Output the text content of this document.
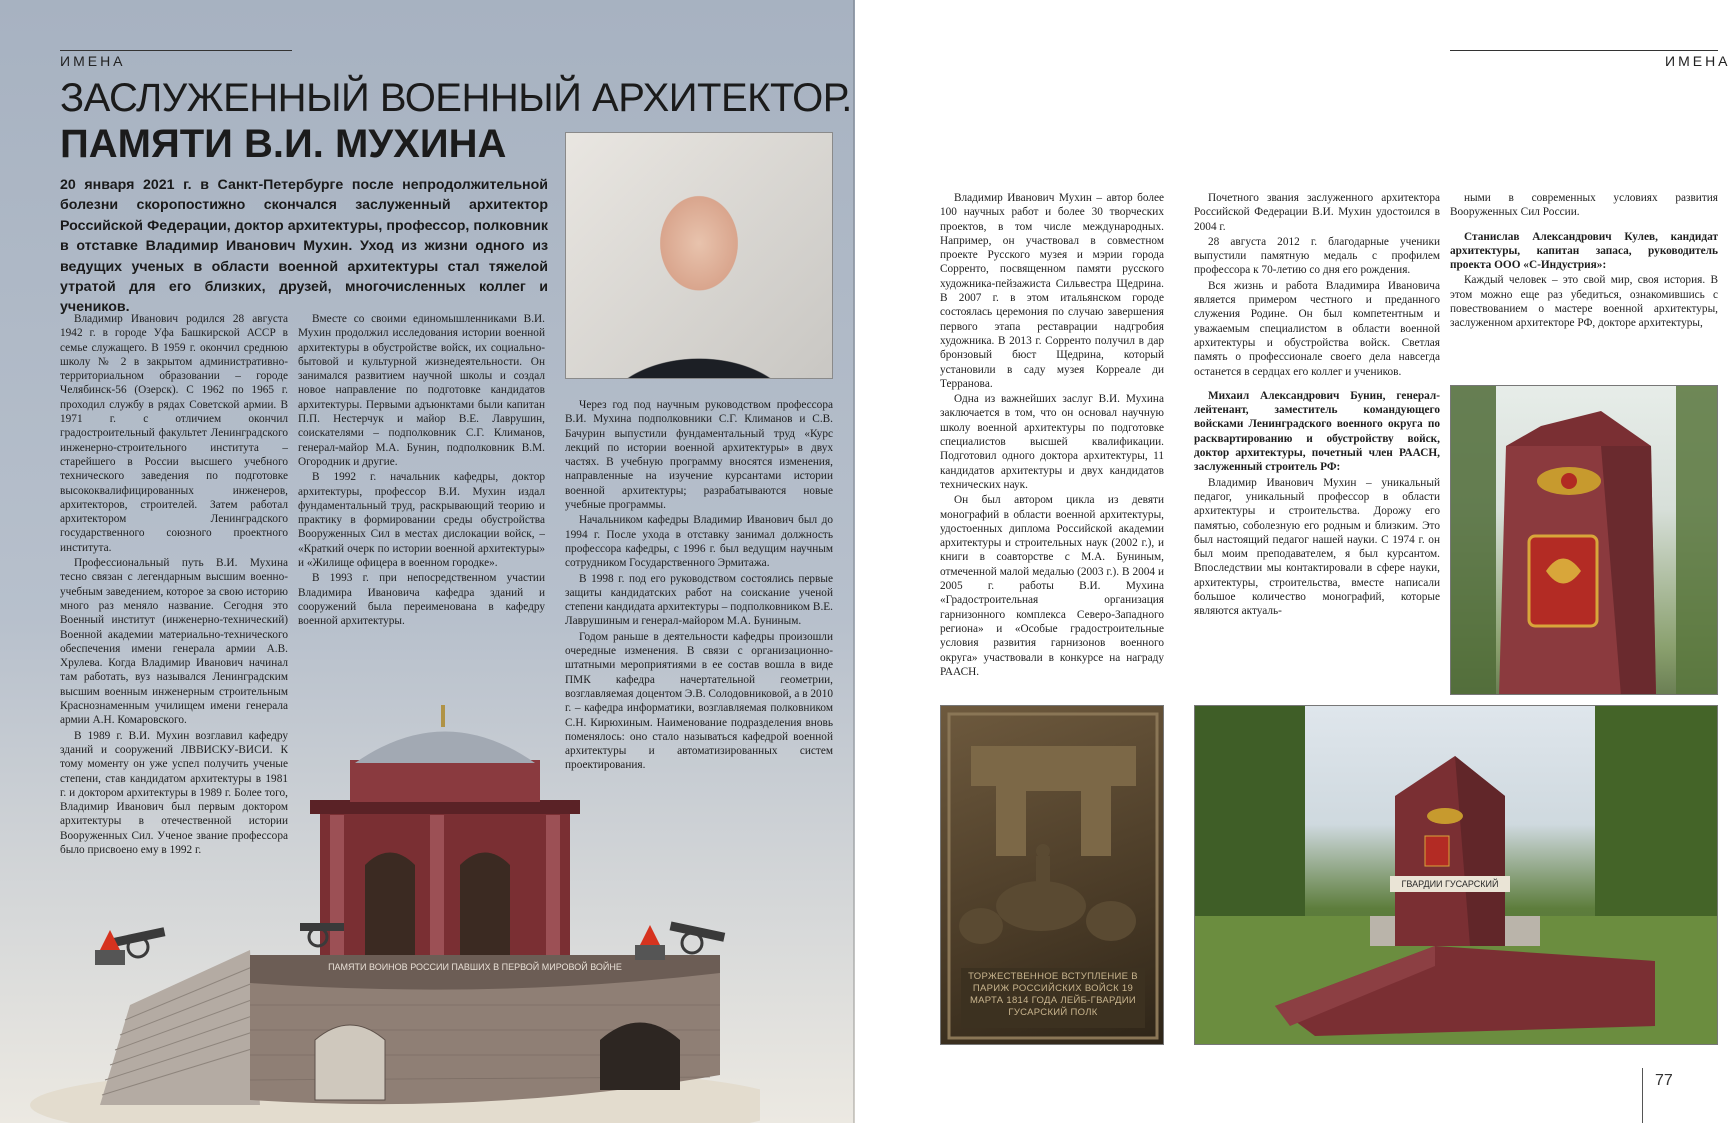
ИМЕНА
ЗАСЛУЖЕННЫЙ ВОЕННЫЙ АРХИТЕКТОР.
ПАМЯТИ В.И. МУХИНА

20 января 2021 г. в Санкт-Петербурге после непродолжительной болезни скоропостижно скончался заслуженный архитектор Российской Федерации, доктор архитектуры, профессор, полковник в отставке Владимир Иванович Мухин. Уход из жизни одного из ведущих ученых в области военной архитектуры стал тяжелой утратой для его близких, друзей, многочисленных коллег и учеников.

Владимир Иванович родился 28 августа 1942 г. в городе Уфа Башкирской АССР в семье служащего. В 1959 г. окончил среднюю школу № 2 в закрытом административно-территориальном образовании – городе Челябинск-56 (Озерск). С 1962 по 1965 г. проходил службу в рядах Советской армии. В 1971 г. с отличием окончил градостроительный факультет Ленинградского инженерно-строительного института – старейшего в России высшего учебного технического заведения по подготовке высококвалифицированных инженеров, архитекторов, строителей. Затем работал архитектором Ленинградского государственного союзного проектного института.

Профессиональный путь В.И. Мухина тесно связан с легендарным высшим военно-учебным заведением, которое за свою историю много раз меняло название. Сегодня это Военный институт (инженерно-технический) Военной академии материально-технического обеспечения имени генерала армии А.В. Хрулева. Когда Владимир Иванович начинал там работать, вуз назывался Ленинградским высшим военным инженерным строительным Краснознаменным училищем имени генерала армии А.Н. Комаровского.

В 1989 г. В.И. Мухин возглавил кафедру зданий и сооружений ЛВВИСКУ-ВИСИ. К тому моменту он уже успел получить ученые степени, став кандидатом архитектуры в 1981 г. и доктором архитектуры в 1989 г. Более того, Владимир Иванович был первым доктором архитектуры в отечественной истории Вооруженных Сил. Ученое звание профессора было присвоено ему в 1992 г.

Вместе со своими единомышленниками В.И. Мухин продолжил исследования истории военной архитектуры в обустройстве войск, их социально-бытовой и культурной жизнедеятельности. Он занимался развитием научной школы и создал новое направление по подготовке кандидатов архитектуры. Первыми адъюнктами были капитан П.П. Нестерчук и майор В.Е. Лаврушин, соискателями – подполковник С.Г. Климанов, генерал-майор М.А. Бунин, подполковник В.М. Огородник и другие.

В 1992 г. начальник кафедры, доктор архитектуры, профессор В.И. Мухин издал фундаментальный труд, раскрывающий теорию и практику в формировании среды обустройства Вооруженных Сил в местах дислокации войск, – «Краткий очерк по истории военной архитектуры» и «Жилище офицера в военном городке».

В 1993 г. при непосредственном участии Владимира Ивановича кафедра зданий и сооружений была переименована в кафедру военной архитектуры.

Через год под научным руководством профессора В.И. Мухина подполковники С.Г. Климанов и С.В. Бачурин выпустили фундаментальный труд «Курс лекций по истории военной архитектуры» в двух частях. В учебную программу вносятся изменения, направленные на изучение курсантами истории военной архитектуры; разрабатываются новые учебные программы.

Начальником кафедры Владимир Иванович был до 1994 г. После ухода в отставку занимал должность профессора кафедры, с 1996 г. был ведущим научным сотрудником Государственного Эрмитажа.

В 1998 г. под его руководством состоялись первые защиты кандидатских работ на соискание ученой степени кандидата архитектуры – подполковником В.Е. Лаврушиным и генерал-майором М.А. Буниным.

Годом раньше в деятельности кафедры произошли очередные изменения. В связи с организационно-штатными мероприятиями в ее состав вошла в виде ПМК кафедра начертательной геометрии, возглавляемая доцентом Э.В. Солодовниковой, а в 2010 г. – кафедра информатики, возглавляемая полковником С.Н. Кирюхиным. Наименование подразделения вновь поменялось: оно стало называться кафедрой военной архитектуры и автоматизированных систем проектирования.

ПАМЯТИ ВОИНОВ РОССИИ ПАВШИХ В ПЕРВОЙ МИРОВОЙ ВОЙНЕ
ИМЕНА

Владимир Иванович Мухин – автор более 100 научных работ и более 30 творческих проектов, в том числе международных. Например, он участвовал в совместном проекте Русского музея и мэрии города Сорренто, посвященном памяти русского художника-пейзажиста Сильвестра Щедрина. В 2007 г. в этом итальянском городе состоялась церемония по случаю завершения первого этапа реставрации надгробия художника. В 2013 г. Сорренто получил в дар бронзовый бюст Щедрина, который установили в саду музея Корреале ди Террановa.

Одна из важнейших заслуг В.И. Мухина заключается в том, что он основал научную школу военной архитектуры по подготовке специалистов высшей квалификации. Подготовил одного доктора архитектуры, 11 кандидатов архитектуры и двух кандидатов технических наук.

Он был автором цикла из девяти монографий в области военной архитектуры, удостоенных диплома Российской академии архитектуры и строительных наук (2002 г.), и книги в соавторстве с М.А. Буниным, отмеченной малой медалью (2003 г.). В 2004 и 2005 г. работы В.И. Мухина «Градостроительная организация гарнизонного комплекса Северо-Западного региона» и «Особые градостроительные условия развития гарнизонов военного округа» участвовали в конкурсе на награду РААСН.

Почетного звания заслуженного архитектора Российской Федерации В.И. Мухин удостоился в 2004 г.

28 августа 2012 г. благодарные ученики выпустили памятную медаль с профилем профессора к 70-летию со дня его рождения.

Вся жизнь и работа Владимира Ивановича является примером честного и преданного служения Родине. Он был компетентным и уважаемым специалистом в области военной архитектуры и обустройства войск. Светлая память о профессионале своего дела навсегда останется в сердцах его коллег и учеников.

Михаил Александрович Бунин, генерал-лейтенант, заместитель командующего войсками Ленинградского военного округа по расквартированию и обустройству войск, доктор архитектуры, почетный член РААСН, заслуженный строитель РФ:

Владимир Иванович Мухин – уникальный педагог, уникальный профессор в области архитектуры и строительства. Дорожу его памятью, соболезную его родным и близким. Это был настоящий педагог нашей науки. С 1974 г. он был моим преподавателем, я был курсантом. Впоследствии мы контактировали в сфере науки, архитектуры, строительства, вместе написали большое количество монографий, которые являются актуаль-

ными в современных условиях развития Вооруженных Сил России.

Станислав Александрович Кулев, кандидат архитектуры, капитан запаса, руководитель проекта ООО «С-Индустрия»:

Каждый человек – это свой мир, своя история. В этом можно еще раз убедиться, ознакомившись с повествованием о мастере военной архитектуры, заслуженном архитекторе РФ, докторе архитектуры,

ТОРЖЕСТВЕННОЕ ВСТУПЛЕНИЕ В ПАРИЖ РОССИЙСКИХ ВОЙСК 19 МАРТА 1814 ГОДА ЛЕЙБ-ГВАРДИИ ГУСАРСКИЙ ПОЛК
ГВАРДИИ ГУСАРСКИЙ
77
